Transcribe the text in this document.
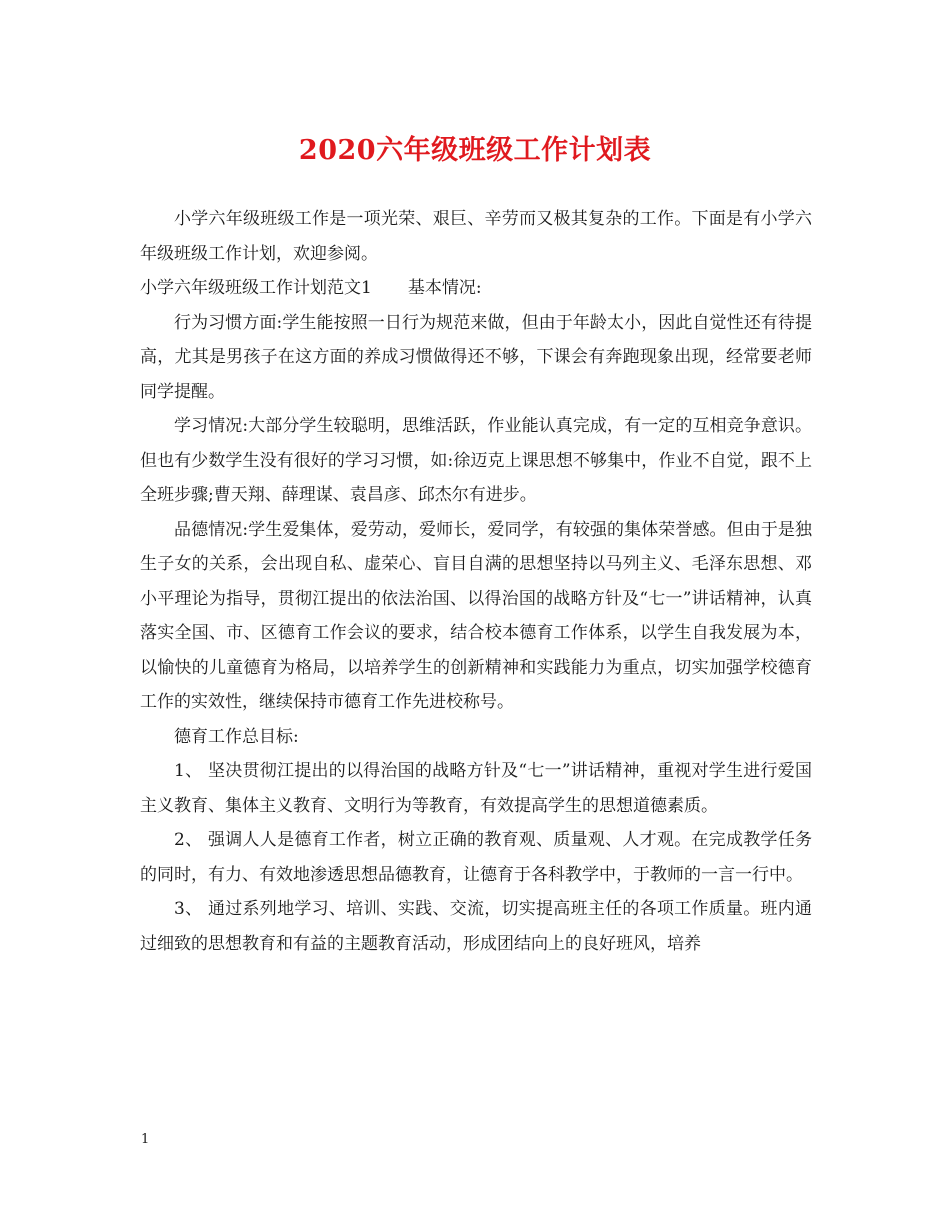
2020六年级班级工作计划表

小学六年级班级工作是一项光荣、艰巨、辛劳而又极其复杂的工作。下面是有小学六年级班级工作计划，欢迎参阅。

小学六年级班级工作计划范文1 基本情况:

行为习惯方面:学生能按照一日行为规范来做，但由于年龄太小，因此自觉性还有待提高，尤其是男孩子在这方面的养成习惯做得还不够，下课会有奔跑现象出现，经常要老师同学提醒。

学习情况:大部分学生较聪明，思维活跃，作业能认真完成，有一定的互相竞争意识。但也有少数学生没有很好的学习习惯，如:徐迈克上课思想不够集中，作业不自觉，跟不上全班步骤;曹天翔、薛理谋、袁昌彦、邱杰尔有进步。

品德情况:学生爱集体，爱劳动，爱师长，爱同学，有较强的集体荣誉感。但由于是独生子女的关系，会出现自私、虚荣心、盲目自满的思想坚持以马列主义、毛泽东思想、邓小平理论为指导，贯彻江提出的依法治国、以得治国的战略方针及“七一”讲话精神，认真落实全国、市、区德育工作会议的要求，结合校本德育工作体系，以学生自我发展为本，以愉快的儿童德育为格局，以培养学生的创新精神和实践能力为重点，切实加强学校德育工作的实效性，继续保持市德育工作先进校称号。

德育工作总目标:

1、 坚决贯彻江提出的以得治国的战略方针及“七一”讲话精神，重视对学生进行爱国主义教育、集体主义教育、文明行为等教育，有效提高学生的思想道德素质。

2、 强调人人是德育工作者，树立正确的教育观、质量观、人才观。在完成教学任务的同时，有力、有效地渗透思想品德教育，让德育于各科教学中，于教师的一言一行中。

3、 通过系列地学习、培训、实践、交流，切实提高班主任的各项工作质量。班内通过细致的思想教育和有益的主题教育活动，形成团结向上的良好班风，培养

1
